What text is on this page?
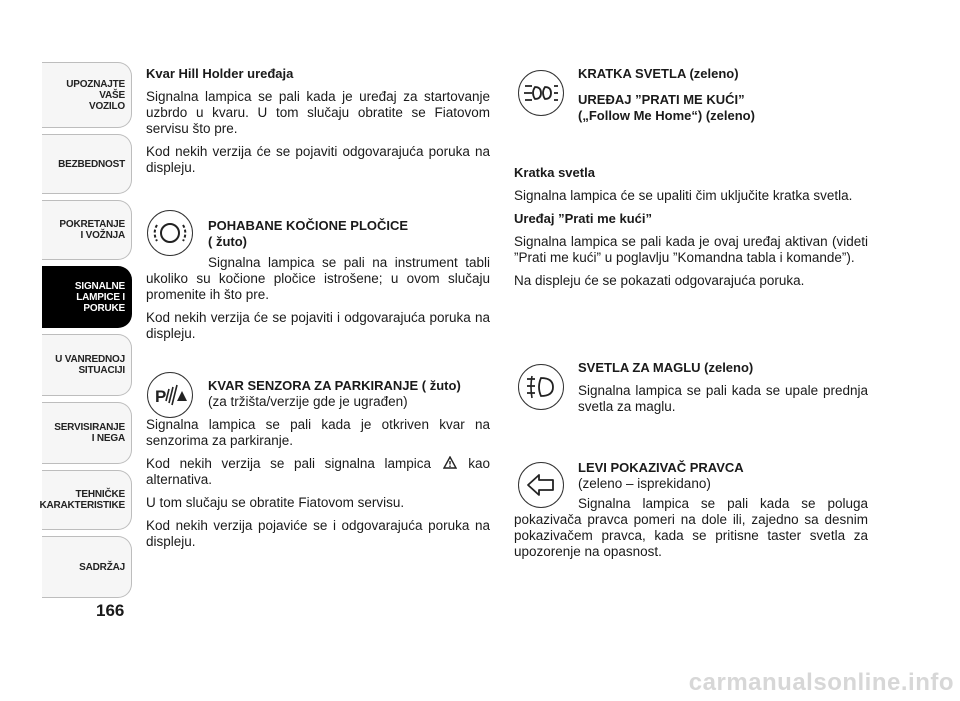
UPOZNAJTE
VAŠE
VOZILO
BEZBEDNOST
POKRETANJE
I VOŽNJA
SIGNALNE
LAMPICE I PORUKE
U VANREDNOJ
SITUACIJI
SERVISIRANJE
I NEGA
TEHNIČKE
KARAKTERISTIKE
SADRŽAJ
166

Kvar Hill Holder uređaja

Signalna lampica se pali kada je uređaj za startovanje uzbrdo u kvaru. U tom slučaju obratite se Fiatovom servisu što pre.

Kod nekih verzija će se pojaviti odgovarajuća poruka na displeju.

POHABANE KOČIONE PLOČICE

( žuto)

Signalna lampica se pali na instrument tabli ukoliko su kočione pločice istrošene; u ovom slučaju promenite ih što pre.

Kod nekih verzija će se pojaviti i odgovarajuća poruka na displeju.

P

KVAR SENZORA ZA PARKIRANJE ( žuto)

(za tržišta/verzije gde je ugrađen)

Signalna lampica se pali kada je otkriven kvar na senzorima za parkiranje.

Kod nekih verzija se pali signalna lampica	kao alternativa.

U tom slučaju se obratite Fiatovom servisu.

Kod nekih verzija pojaviće se i odgovarajuća poruka na displeju.

KRATKA SVETLA (zeleno)

UREĐAJ ”PRATI ME KUĆI”

(„Follow Me Home“) (zeleno)

Kratka svetla

Signalna lampica će se upaliti čim uključite kratka svetla.

Uređaj ”Prati me kući”

Signalna lampica se pali kada je ovaj uređaj aktivan (videti ”Prati me kući” u poglavlju ”Komandna tabla i komande”).

Na displeju će se pokazati odgovarajuća poruka.

SVETLA ZA MAGLU (zeleno)

Signalna lampica se pali kada se upale prednja svetla za maglu.

LEVI POKAZIVAČ PRAVCA

(zeleno – isprekidano)

Signalna lampica se pali kada se poluga pokazivača pravca pomeri na dole ili, zajedno sa desnim pokazivačem pravca, kada se pritisne taster svetla za upozorenje na opasnost.

carmanualsonline.info
